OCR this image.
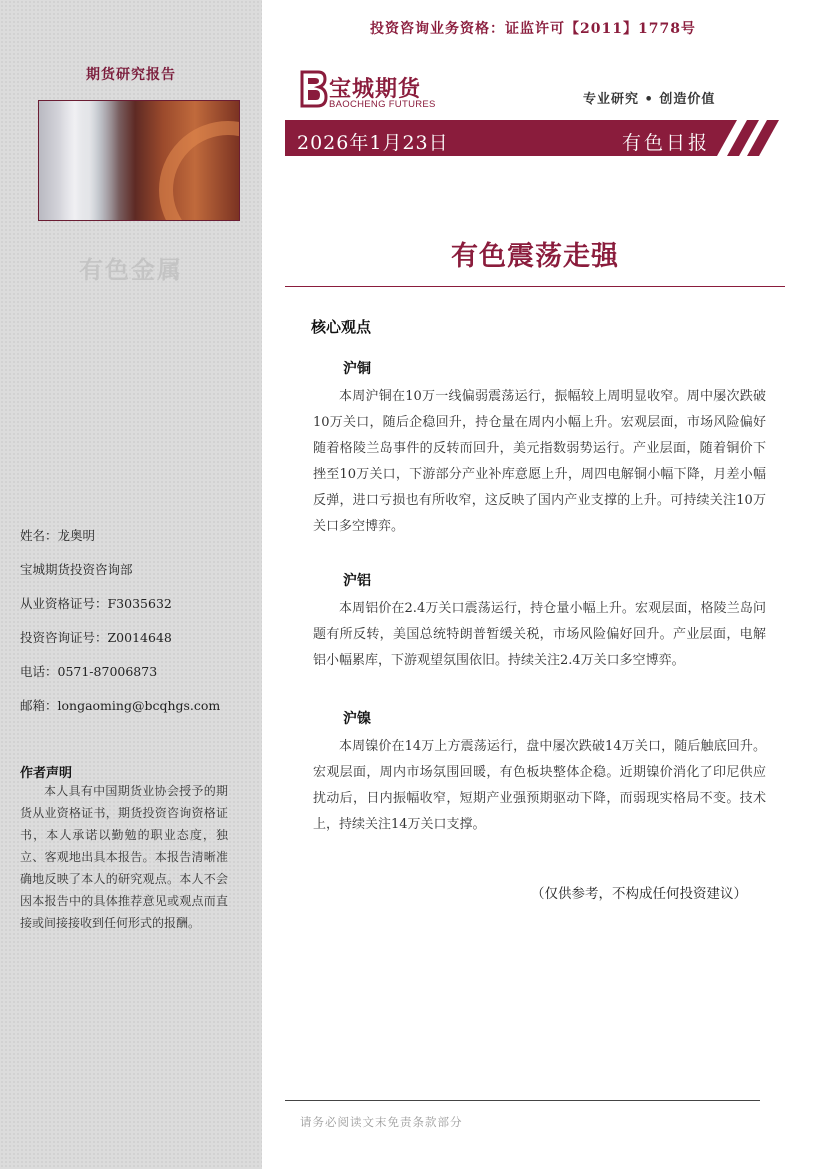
期货研究报告
有色金属
姓名：龙奥明
宝城期货投资咨询部
从业资格证号：F3035632
投资咨询证号：Z0014648
电话：0571-87006873
邮箱：longaoming@bcqhgs.com
作者声明
本人具有中国期货业协会授予的期货从业资格证书，期货投资咨询资格证书，本人承诺以勤勉的职业态度，独立、客观地出具本报告。本报告清晰准确地反映了本人的研究观点。本人不会因本报告中的具体推荐意见或观点而直接或间接接收到任何形式的报酬。
投资咨询业务资格：证监许可【2011】1778号
宝城期货
BAOCHENG FUTURES	专业研究 • 创造价值
2026年1月23日	有色日报
有色震荡走强
核心观点
沪铜
本周沪铜在10万一线偏弱震荡运行，振幅较上周明显收窄。周中屡次跌破10万关口，随后企稳回升，持仓量在周内小幅上升。宏观层面，市场风险偏好随着格陵兰岛事件的反转而回升，美元指数弱势运行。产业层面，随着铜价下挫至10万关口，下游部分产业补库意愿上升，周四电解铜小幅下降，月差小幅反弹，进口亏损也有所收窄，这反映了国内产业支撑的上升。可持续关注10万关口多空博弈。
沪铝
本周铝价在2.4万关口震荡运行，持仓量小幅上升。宏观层面，格陵兰岛问题有所反转，美国总统特朗普暂缓关税，市场风险偏好回升。产业层面，电解铝小幅累库，下游观望氛围依旧。持续关注2.4万关口多空博弈。
沪镍
本周镍价在14万上方震荡运行，盘中屡次跌破14万关口，随后触底回升。宏观层面，周内市场氛围回暖，有色板块整体企稳。近期镍价消化了印尼供应扰动后，日内振幅收窄，短期产业强预期驱动下降，而弱现实格局不变。技术上，持续关注14万关口支撑。
（仅供参考，不构成任何投资建议）
请务必阅读文末免责条款部分
